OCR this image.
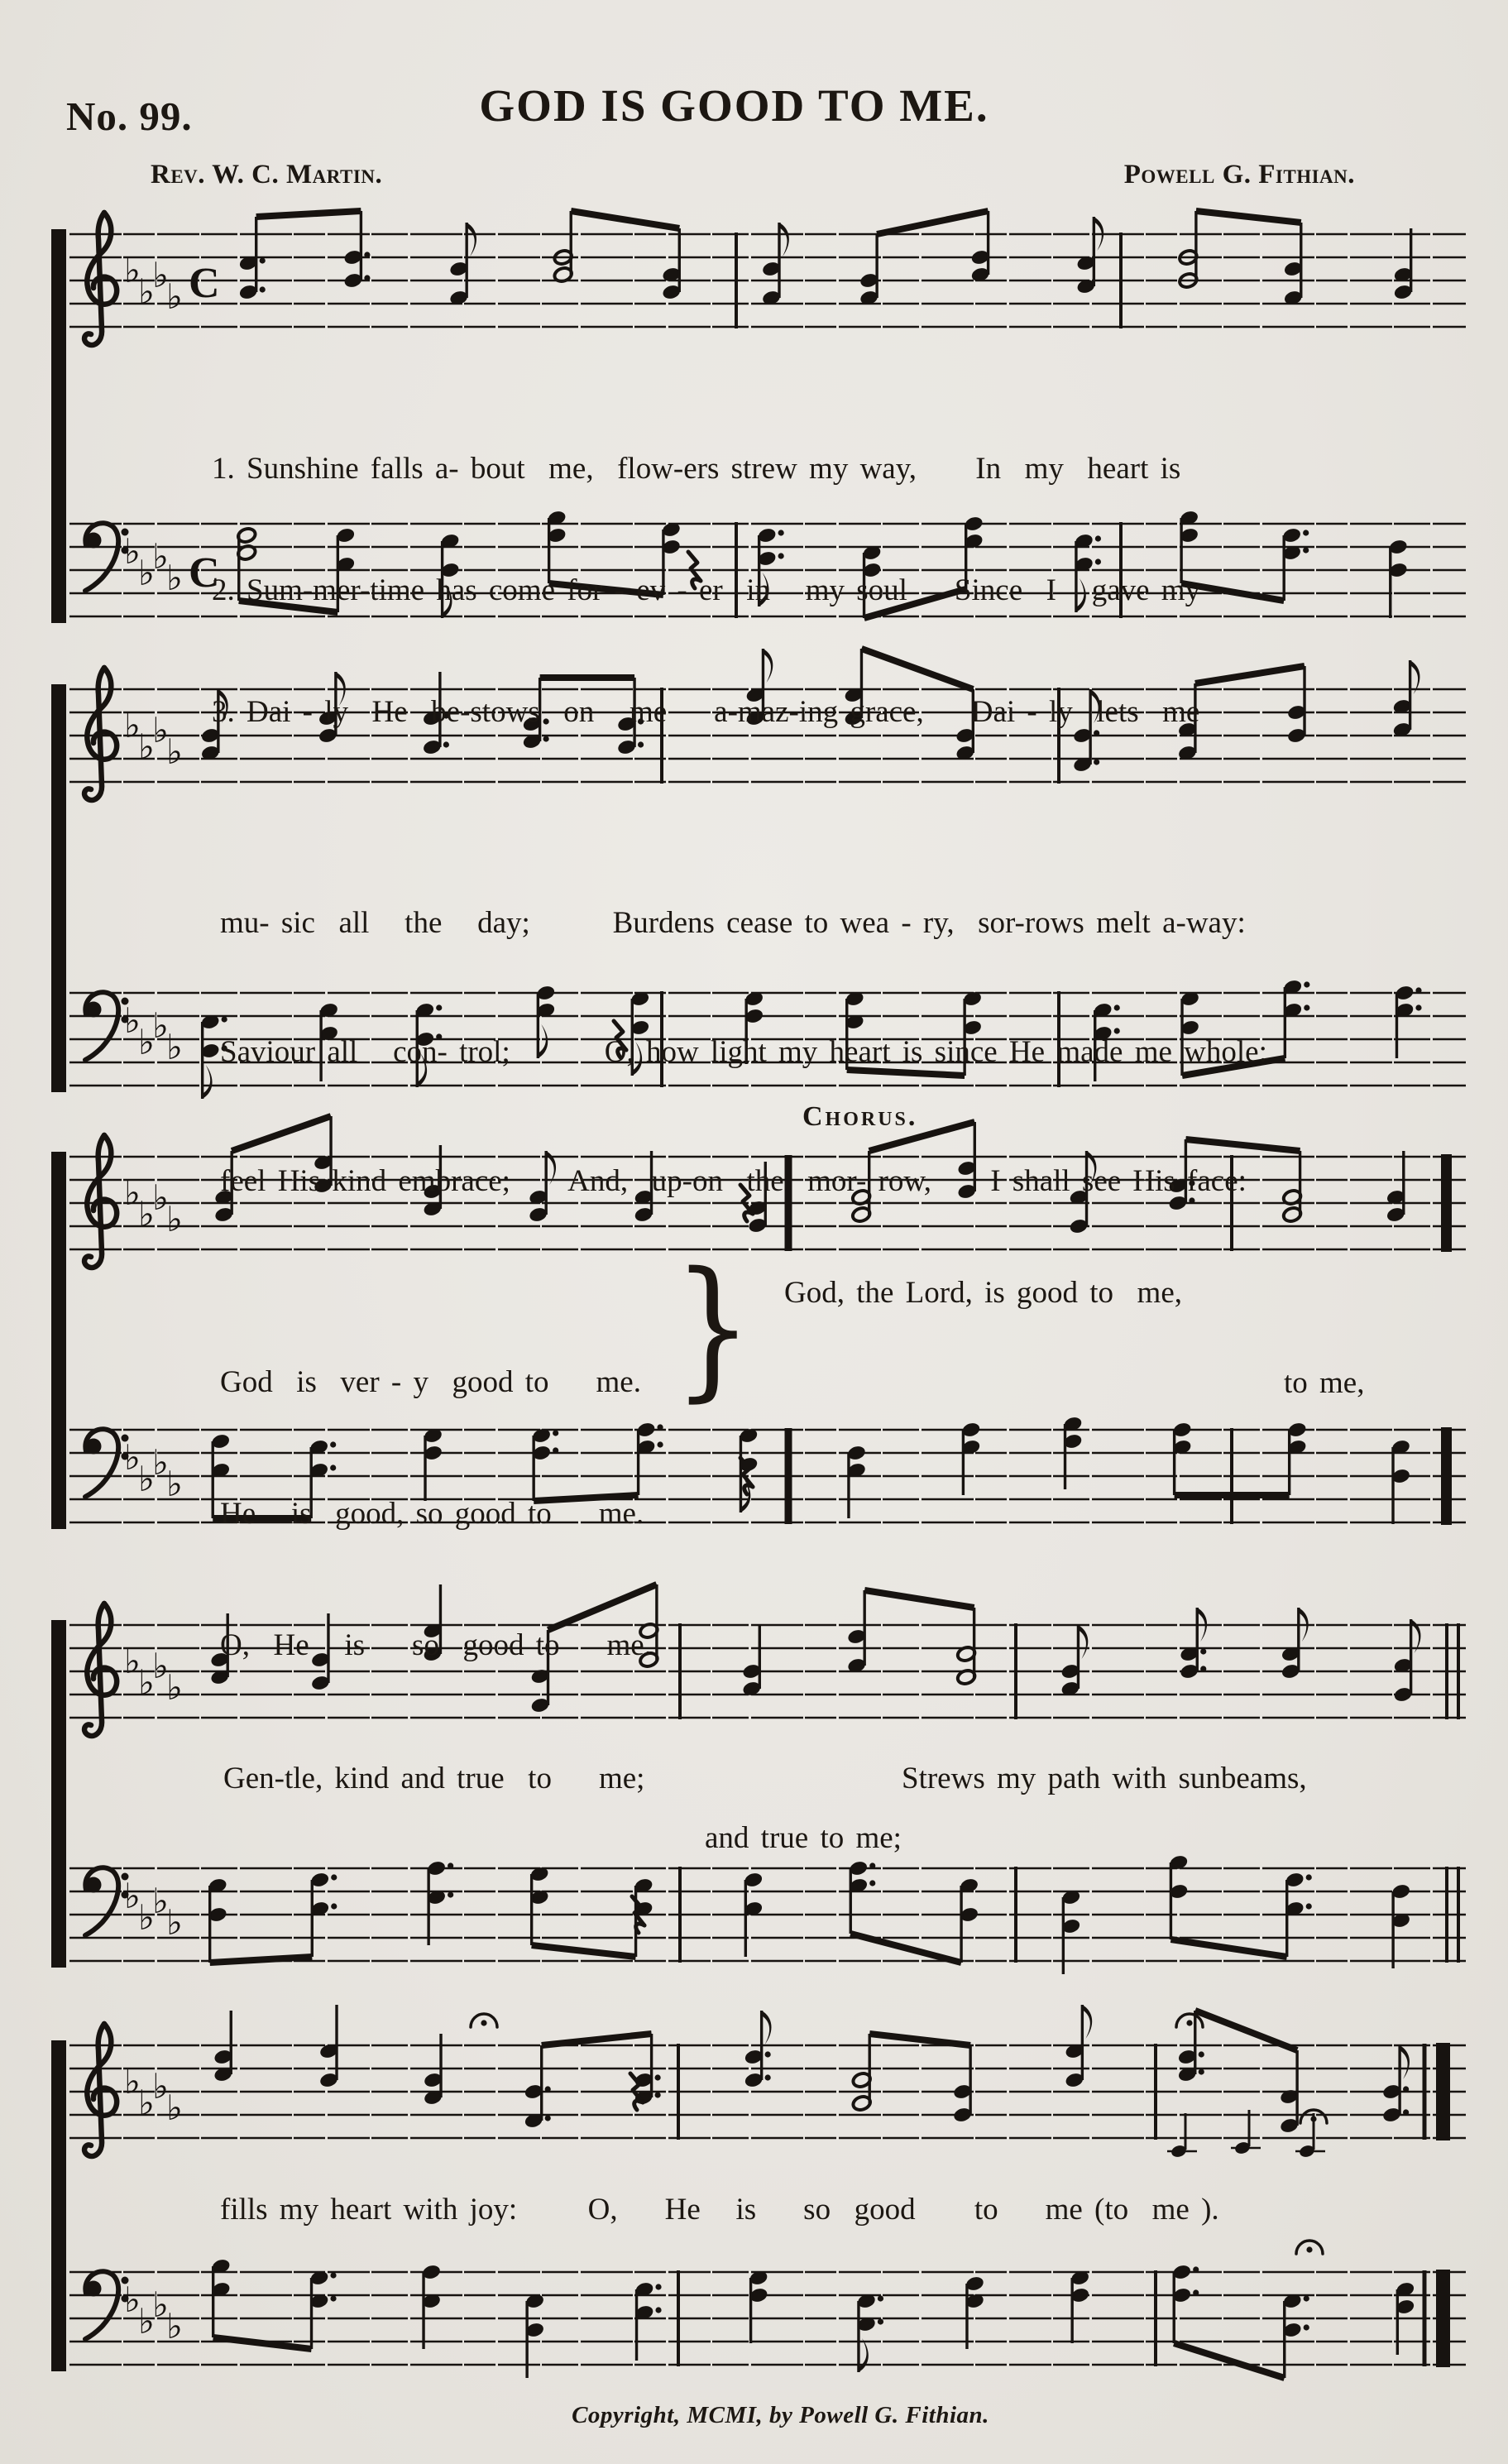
♭
♭
♭
♭ C
♭
♭
♭
♭ C
♭
♭
♭
♭
♭
♭
♭
♭
♭
♭
♭
♭
♭
♭
♭
♭
♭
♭
♭
♭
♭
♭
♭
♭
♭
♭
♭
♭
♭
♭
♭
♭
No. 99.	GOD IS GOOD TO ME.
Rev. W. C. Martin.	Powell G. Fithian.

1. Sunshine falls a- bout  me,  flow-ers strew my way,     In  my  heart is

2. Sum-mer-time has come for - ev - er  in   my soul    Since  I   gave my

3. Dai - ly  He  be-stows  on   me    a-maz-ing grace,    Dai - ly  lets  me

mu- sic  all   the   day;       Burdens cease to wea - ry,  sor-rows melt a-way:

Saviour all   con- trol;        O, how light my heart is since He made me whole:

feel His kind embrace;     And,  up-on  the  mor- row,     I shall see His face:

Chorus.

God  is  ver - y  good to    me.

He   is  good, so good to    me.

O,  He   is    so  good to    me.

} God, the Lord, is good to  me,
to me,
Gen-tle, kind and true  to    me;	Strews my path with sunbeams,
and true to me;
fills my heart with joy:      O,    He   is    so  good     to    me (to  me ).
Copyright, MCMI, by Powell G. Fithian.
